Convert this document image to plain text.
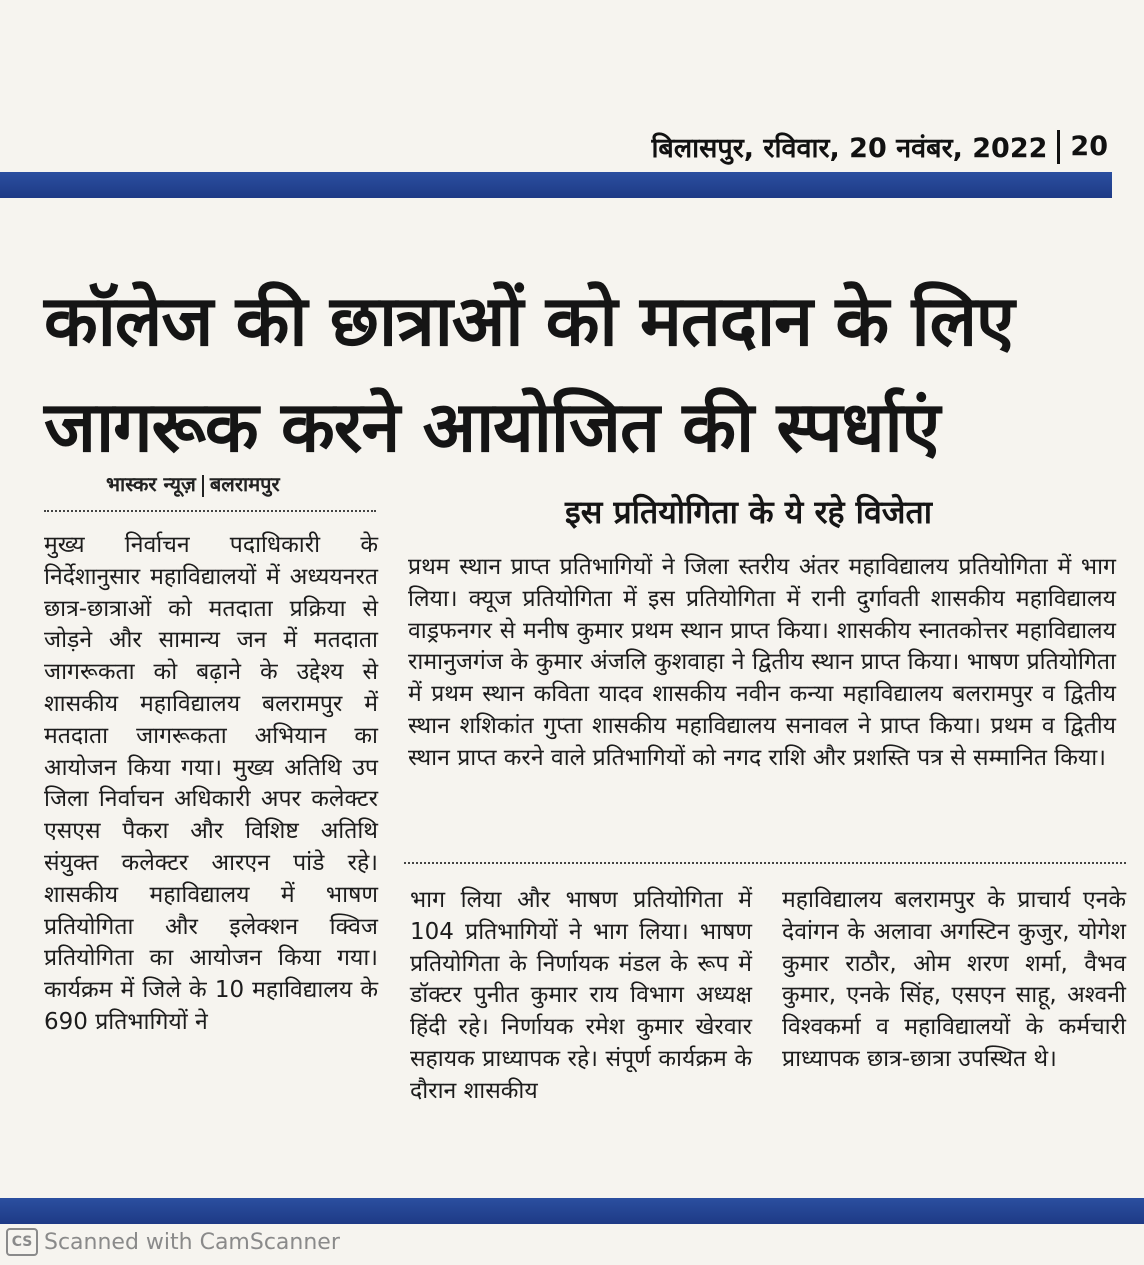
बिलासपुर, रविवार, 20 नवंबर, 2022 20
कॉलेज की छात्राओं को मतदान के लिए
जागरूक करने आयोजित की स्पर्धाएं
भास्कर न्यूज़ बलरामपुर
इस प्रतियोगिता के ये रहे विजेता
मुख्य निर्वाचन पदाधिकारी के निर्देशानुसार महाविद्यालयों में अध्ययनरत छात्र-छात्राओं को मतदाता प्रक्रिया से जोड़ने और सामान्य जन में मतदाता जागरूकता को बढ़ाने के उद्देश्य से शासकीय महाविद्यालय बलरामपुर में मतदाता जागरूकता अभियान का आयोजन किया गया। मुख्य अतिथि उप जिला निर्वाचन अधिकारी अपर कलेक्टर एसएस पैकरा और विशिष्ट अतिथि संयुक्त कलेक्टर आरएन पांडे रहे। शासकीय महाविद्यालय में भाषण प्रतियोगिता और इलेक्शन क्विज प्रतियोगिता का आयोजन किया गया। कार्यक्रम में जिले के 10 महाविद्यालय के 690 प्रतिभागियों ने
प्रथम स्थान प्राप्त प्रतिभागियों ने जिला स्तरीय अंतर महाविद्यालय प्रतियोगिता में भाग लिया। क्यूज प्रतियोगिता में इस प्रतियोगिता में रानी दुर्गावती शासकीय महाविद्यालय वाड्रफनगर से मनीष कुमार प्रथम स्थान प्राप्त किया। शासकीय स्नातकोत्तर महाविद्यालय रामानुजगंज के कुमार अंजलि कुशवाहा ने द्वितीय स्थान प्राप्त किया। भाषण प्रतियोगिता में प्रथम स्थान कविता यादव शासकीय नवीन कन्या महाविद्यालय बलरामपुर व द्वितीय स्थान शशिकांत गुप्ता शासकीय महाविद्यालय सनावल ने प्राप्त किया। प्रथम व द्वितीय स्थान प्राप्त करने वाले प्रतिभागियों को नगद राशि और प्रशस्ति पत्र से सम्मानित किया।
भाग लिया और भाषण प्रतियोगिता में 104 प्रतिभागियों ने भाग लिया। भाषण प्रतियोगिता के निर्णायक मंडल के रूप में डॉक्टर पुनीत कुमार राय विभाग अध्यक्ष हिंदी रहे। निर्णायक रमेश कुमार खेरवार सहायक प्राध्यापक रहे। संपूर्ण कार्यक्रम के दौरान शासकीय
महाविद्यालय बलरामपुर के प्राचार्य एनके देवांगन के अलावा अगस्टिन कुजुर, योगेश कुमार राठौर, ओम शरण शर्मा, वैभव कुमार, एनके सिंह, एसएन साहू, अश्वनी विश्वकर्मा व महाविद्यालयों के कर्मचारी प्राध्यापक छात्र-छात्रा उपस्थित थे।
CS Scanned with CamScanner
